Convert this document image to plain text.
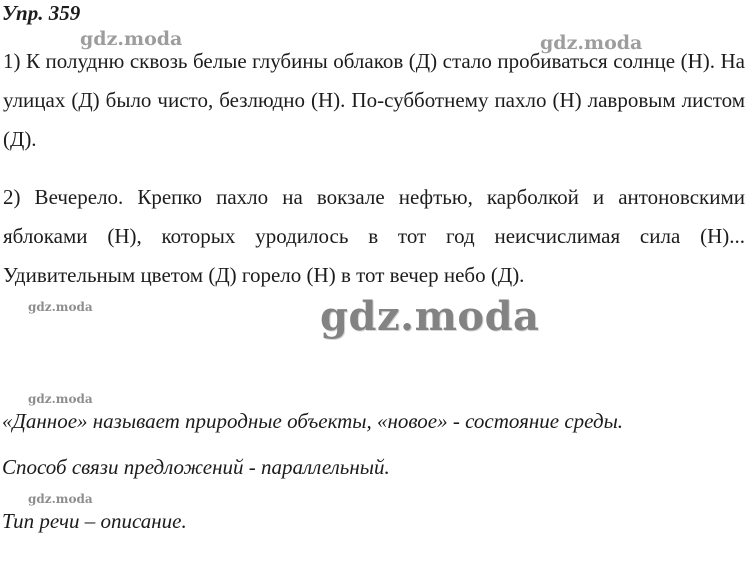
Упр. 359
gdz.moda	gdz.moda

1) К полудню сквозь белые глубины облаков (Д) стало пробиваться солнце (Н). На улицах (Д) было чисто, безлюдно (Н). По-субботнему пахло (Н) лавровым листом (Д).

2) Вечерело. Крепко пахло на вокзале нефтью, карболкой и антоновскими яблоками (Н), которых уродилось в тот год неисчислимая сила (Н)... Удивительным цветом (Д) горело (Н) в тот вечер небо (Д).

gdz.moda	gdz.moda
gdz.moda

«Данное» называет природные объекты, «новое» - состояние среды.

Способ связи предложений - параллельный.

gdz.moda

Тип речи – описание.
